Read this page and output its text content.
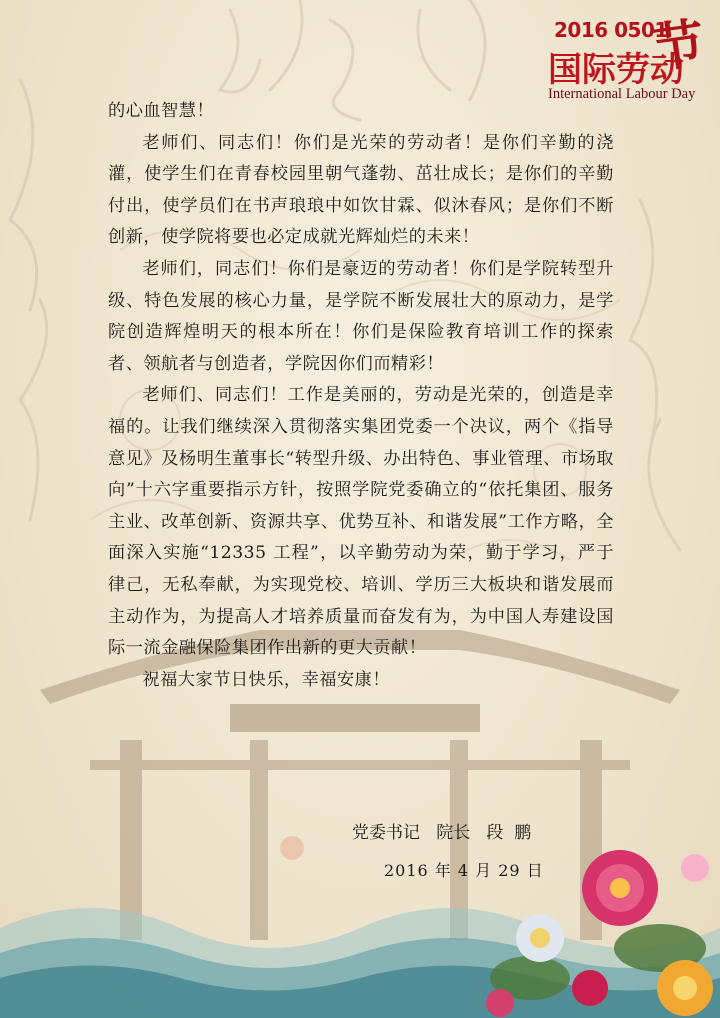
2016 0501
国际劳动
节
International Labour Day

的心血智慧！

老师们、同志们！你们是光荣的劳动者！是你们辛勤的浇灌，使学生们在青春校园里朝气蓬勃、茁壮成长；是你们的辛勤付出，使学员们在书声琅琅中如饮甘霖、似沐春风；是你们不断创新，使学院将要也必定成就光辉灿烂的未来！

老师们，同志们！你们是豪迈的劳动者！你们是学院转型升级、特色发展的核心力量，是学院不断发展壮大的原动力，是学院创造辉煌明天的根本所在！你们是保险教育培训工作的探索者、领航者与创造者，学院因你们而精彩！

老师们、同志们！工作是美丽的，劳动是光荣的，创造是幸福的。让我们继续深入贯彻落实集团党委一个决议，两个《指导意见》及杨明生董事长“转型升级、办出特色、事业管理、市场取向”十六字重要指示方针，按照学院党委确立的“依托集团、服务主业、改革创新、资源共享、优势互补、和谐发展”工作方略，全面深入实施“12335 工程”，以辛勤劳动为荣，勤于学习，严于律己，无私奉献，为实现党校、培训、学历三大板块和谐发展而主动作为，为提高人才培养质量而奋发有为，为中国人寿建设国际一流金融保险集团作出新的更大贡献！

祝福大家节日快乐，幸福安康！

党委书记   院长   段  鹏
2016 年 4 月 29 日
